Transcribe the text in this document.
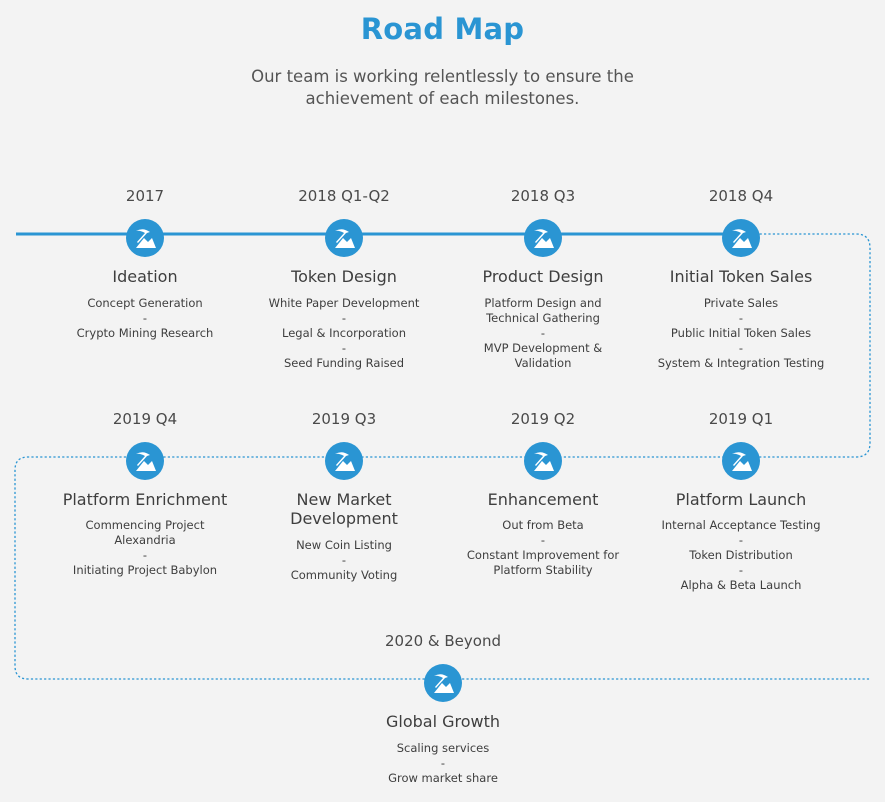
Road Map
Our team is working relentlessly to ensure the achievement of each milestones.
2017
Ideation
Concept Generation
-
Crypto Mining Research
2018 Q1-Q2
Token Design
White Paper Development
-
Legal & Incorporation
-
Seed Funding Raised
2018 Q3
Product Design
Platform Design and
Technical Gathering
-
MVP Development &
Validation
2018 Q4
Initial Token Sales
Private Sales
-
Public Initial Token Sales
-
System & Integration Testing
2019 Q4
Platform Enrichment
Commencing Project
Alexandria
-
Initiating Project Babylon
2019 Q3
New Market Development
New Coin Listing
-
Community Voting
2019 Q2
Enhancement
Out from Beta
-
Constant Improvement for
Platform Stability
2019 Q1
Platform Launch
Internal Acceptance Testing
-
Token Distribution
-
Alpha & Beta Launch
2020 & Beyond
Global Growth
Scaling services
-
Grow market share
